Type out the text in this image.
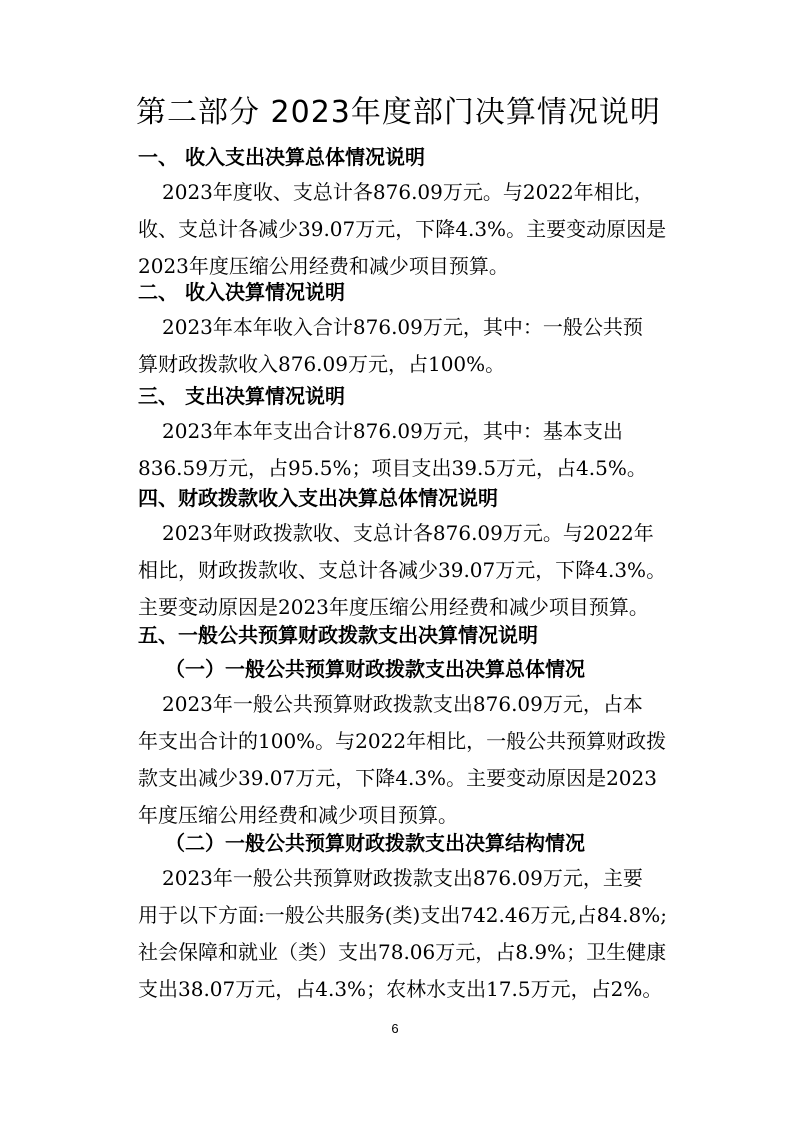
第二部分 2023年度部门决算情况说明
一、 收入支出决算总体情况说明
2023年度收、支总计各876.09万元。与2022年相比，
收、支总计各减少39.07万元，下降4.3%。主要变动原因是
2023年度压缩公用经费和减少项目预算。
二、 收入决算情况说明
2023年本年收入合计876.09万元，其中：一般公共预
算财政拨款收入876.09万元，占100%。
三、 支出决算情况说明
2023年本年支出合计876.09万元，其中：基本支出
836.59万元，占95.5%；项目支出39.5万元，占4.5%。
四、财政拨款收入支出决算总体情况说明
2023年财政拨款收、支总计各876.09万元。与2022年
相比，财政拨款收、支总计各减少39.07万元，下降4.3%。
主要变动原因是2023年度压缩公用经费和减少项目预算。
五、一般公共预算财政拨款支出决算情况说明
（一）一般公共预算财政拨款支出决算总体情况
2023年一般公共预算财政拨款支出876.09万元，占本
年支出合计的100%。与2022年相比，一般公共预算财政拨
款支出减少39.07万元，下降4.3%。主要变动原因是2023
年度压缩公用经费和减少项目预算。
（二）一般公共预算财政拨款支出决算结构情况
2023年一般公共预算财政拨款支出876.09万元，主要
用于以下方面:一般公共服务(类)支出742.46万元,占84.8%;
社会保障和就业（类）支出78.06万元，占8.9%；卫生健康
支出38.07万元，占4.3%；农林水支出17.5万元，占2%。
6
